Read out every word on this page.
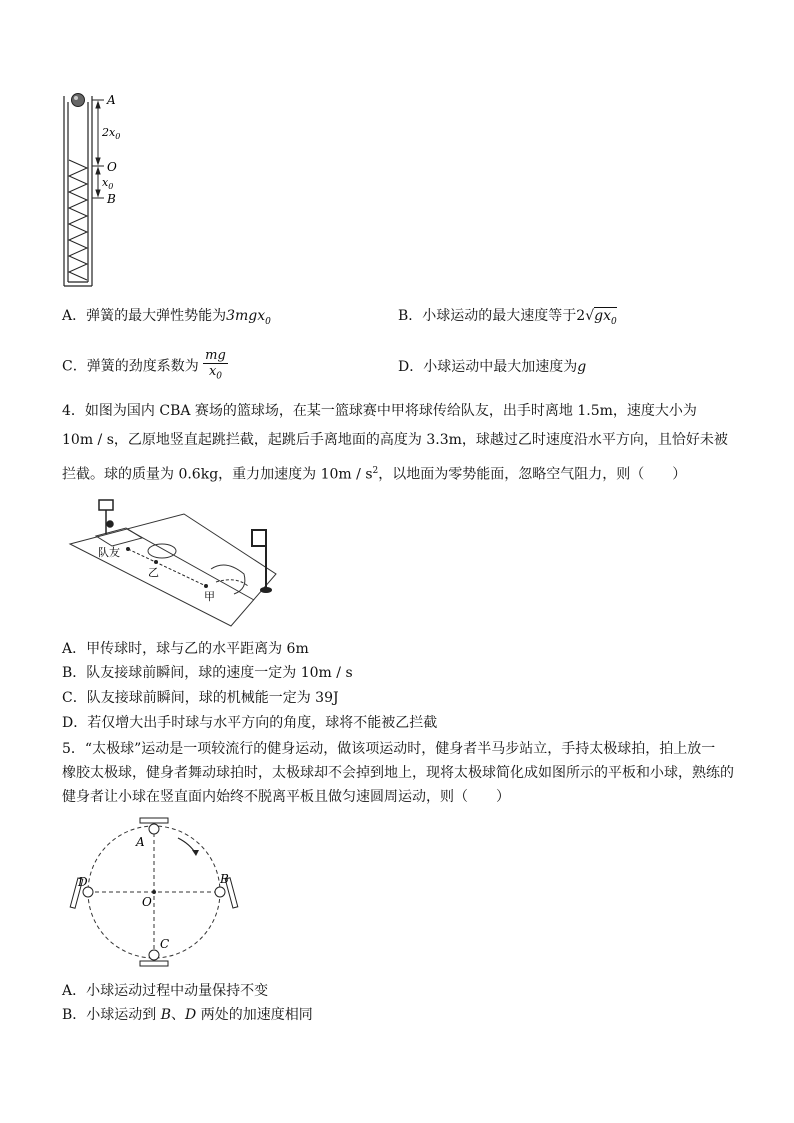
A
O
B
$2x_0$
$x_0$
A．弹簧的最大弹性势能为3mgx$_0$	B．小球运动的最大速度等于$2√gx_0$
C．弹簧的劲度系数为 $\frac{mg}{x_0}$	D．小球运动中最大加速度为g
4．如图为国内 CBA 赛场的篮球场，在某一篮球赛中甲将球传给队友，出手时离地 1.5m，速度大小为
10m / s，乙原地竖直起跳拦截，起跳后手离地面的高度为 3.3m，球越过乙时速度沿水平方向，且恰好未被
拦截。球的质量为 0.6kg，重力加速度为 $10m / s^2$，以地面为零势能面，忽略空气阻力，则（　　）
队友
乙
甲
A．甲传球时，球与乙的水平距离为 6m
B．队友接球前瞬间，球的速度一定为 10m / s
C．队友接球前瞬间，球的机械能一定为 39J
D．若仅增大出手时球与水平方向的角度，球将不能被乙拦截
5．“太极球”运动是一项较流行的健身运动，做该项运动时，健身者半马步站立，手持太极球拍，拍上放一
橡胶太极球，健身者舞动球拍时，太极球却不会掉到地上，现将太极球简化成如图所示的平板和小球，熟练的
健身者让小球在竖直面内始终不脱离平板且做匀速圆周运动，则（　　）
A
B
C
D
O
A．小球运动过程中动量保持不变
B．小球运动到 B、D 两处的加速度相同
